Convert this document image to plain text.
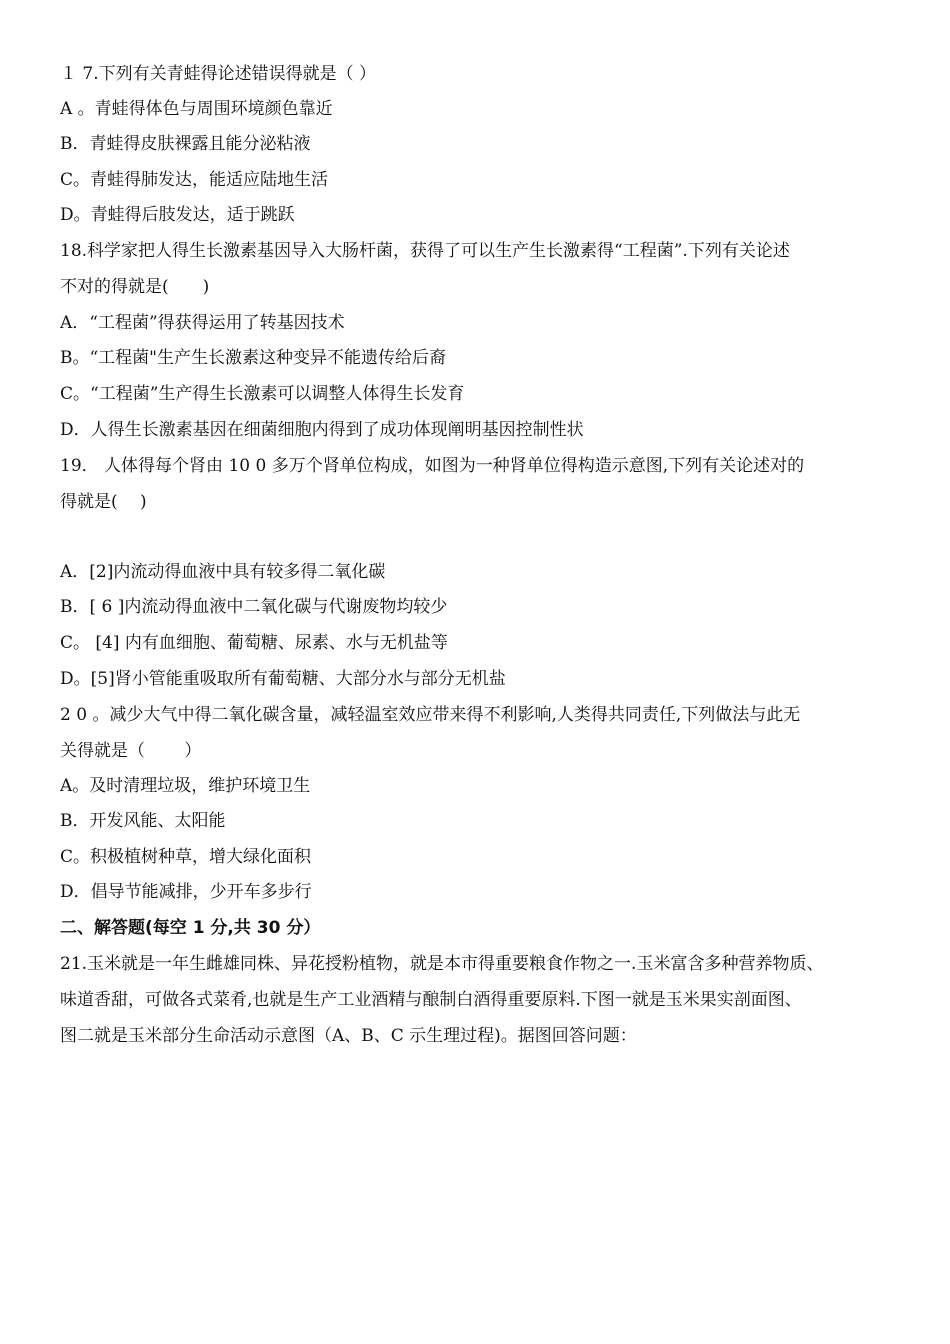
１ 7.下列有关青蛙得论述错误得就是（ ）
A 。青蛙得体色与周围环境颜色靠近
B．青蛙得皮肤裸露且能分泌粘液
C。青蛙得肺发达，能适应陆地生活
D。青蛙得后肢发达，适于跳跃
18.科学家把人得生长激素基因导入大肠杆菌，获得了可以生产生长激素得“工程菌”.下列有关论述
不对的得就是(　　)
A．“工程菌”得获得运用了转基因技术
B。“工程菌"生产生长激素这种变异不能遗传给后裔
C。“工程菌”生产得生长激素可以调整人体得生长发育
D．人得生长激素基因在细菌细胞内得到了成功体现阐明基因控制性状
19． 人体得每个肾由 10 0 多万个肾单位构成，如图为一种肾单位得构造示意图,下列有关论述对的
得就是(　 )
A．[2]内流动得血液中具有较多得二氧化碳
B．[ 6 ]内流动得血液中二氧化碳与代谢废物均较少
C。 [4] 内有血细胞、葡萄糖、尿素、水与无机盐等
D。[5]肾小管能重吸取所有葡萄糖、大部分水与部分无机盐
2 0 。减少大气中得二氧化碳含量，减轻温室效应带来得不利影响,人类得共同责任,下列做法与此无
关得就是（　　 ）
A。及时清理垃圾，维护环境卫生
B．开发风能、太阳能
C。积极植树种草，增大绿化面积
D．倡导节能减排，少开车多步行
二、解答题(每空 1 分,共 30 分）
21.玉米就是一年生雌雄同株、异花授粉植物，就是本市得重要粮食作物之一.玉米富含多种营养物质、
味道香甜，可做各式菜肴,也就是生产工业酒精与酿制白酒得重要原料.下图一就是玉米果实剖面图、
图二就是玉米部分生命活动示意图（A、B、C 示生理过程)。据图回答问题：
